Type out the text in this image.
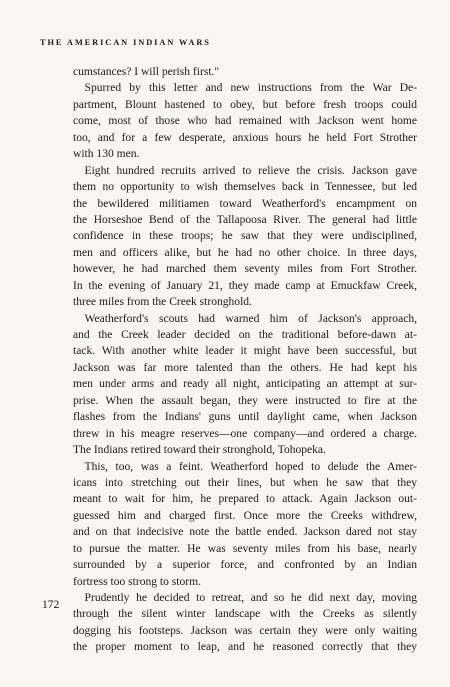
THE AMERICAN INDIAN WARS
cumstances? I will perish first."
 Spurred by this letter and new instructions from the War De-
partment, Blount hastened to obey, but before fresh troops could
come, most of those who had remained with Jackson went home
too, and for a few desperate, anxious hours he held Fort Strother
with 130 men.
 Eight hundred recruits arrived to relieve the crisis. Jackson gave
them no opportunity to wish themselves back in Tennessee, but led
the bewildered militiamen toward Weatherford's encampment on
the Horseshoe Bend of the Tallapoosa River. The general had little
confidence in these troops; he saw that they were undisciplined,
men and officers alike, but he had no other choice. In three days,
however, he had marched them seventy miles from Fort Strother.
In the evening of January 21, they made camp at Emuckfaw Creek,
three miles from the Creek stronghold.
 Weatherford's scouts had warned him of Jackson's approach,
and the Creek leader decided on the traditional before-dawn at-
tack. With another white leader it might have been successful, but
Jackson was far more talented than the others. He had kept his
men under arms and ready all night, anticipating an attempt at sur-
prise. When the assault began, they were instructed to fire at the
flashes from the Indians' guns until daylight came, when Jackson
threw in his meagre reserves—one company—and ordered a charge.
The Indians retired toward their stronghold, Tohopeka.
 This, too, was a feint. Weatherford hoped to delude the Amer-
icans into stretching out their lines, but when he saw that they
meant to wait for him, he prepared to attack. Again Jackson out-
guessed him and charged first. Once more the Creeks withdrew,
and on that indecisive note the battle ended. Jackson dared not stay
to pursue the matter. He was seventy miles from his base, nearly
surrounded by a superior force, and confronted by an Indian
fortress too strong to storm.
 Prudently he decided to retreat, and so he did next day, moving
through the silent winter landscape with the Creeks as silently
dogging his footsteps. Jackson was certain they were only waiting
the proper moment to leap, and he reasoned correctly that they
172
